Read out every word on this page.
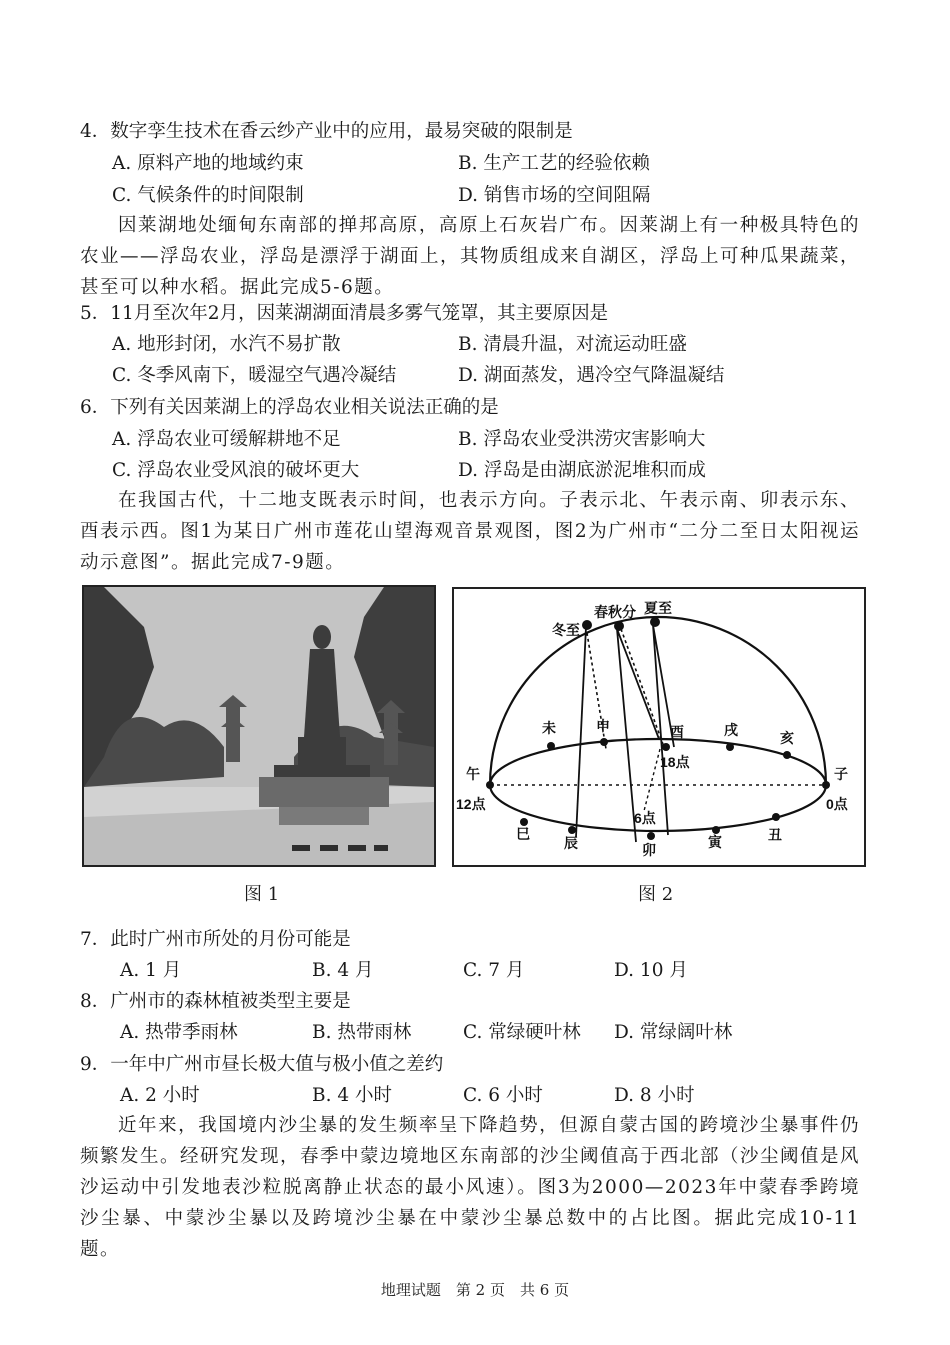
4．数字孪生技术在香云纱产业中的应用，最易突破的限制是
A. 原料产地的地域约束	B. 生产工艺的经验依赖
C. 气候条件的时间限制	D. 销售市场的空间阻隔
因莱湖地处缅甸东南部的掸邦高原，高原上石灰岩广布。因莱湖上有一种极具特色的农业——浮岛农业，浮岛是漂浮于湖面上，其物质组成来自湖区，浮岛上可种瓜果蔬菜，甚至可以种水稻。据此完成5-6题。
5．11月至次年2月，因莱湖湖面清晨多雾气笼罩，其主要原因是
A. 地形封闭，水汽不易扩散	B. 清晨升温，对流运动旺盛
C. 冬季风南下，暖湿空气遇冷凝结	D. 湖面蒸发，遇冷空气降温凝结
6．下列有关因莱湖上的浮岛农业相关说法正确的是
A. 浮岛农业可缓解耕地不足	B. 浮岛农业受洪涝灾害影响大
C. 浮岛农业受风浪的破坏更大	D. 浮岛是由湖底淤泥堆积而成
在我国古代，十二地支既表示时间，也表示方向。子表示北、午表示南、卯表示东、酉表示西。图1为某日广州市莲花山望海观音景观图，图2为广州市“二分二至日太阳视运动示意图”。据此完成7-9题。
图 1
冬至
春秋分 夏至
未	申	酉	戌	亥
午	子
12点	0点
18点
6点
巳
辰	卯	寅	丑
图 2
7．此时广州市所处的月份可能是
A. 1 月	B. 4 月	C. 7 月	D. 10 月
8．广州市的森林植被类型主要是
A. 热带季雨林	B. 热带雨林	C. 常绿硬叶林 D. 常绿阔叶林
9．一年中广州市昼长极大值与极小值之差约
A. 2 小时	B. 4 小时	C. 6 小时	D. 8 小时
近年来，我国境内沙尘暴的发生频率呈下降趋势，但源自蒙古国的跨境沙尘暴事件仍频繁发生。经研究发现，春季中蒙边境地区东南部的沙尘阈值高于西北部（沙尘阈值是风沙运动中引发地表沙粒脱离静止状态的最小风速）。图3为2000—2023年中蒙春季跨境沙尘暴、中蒙沙尘暴以及跨境沙尘暴在中蒙沙尘暴总数中的占比图。据此完成10-11题。
地理试题　第 2 页　共 6 页
